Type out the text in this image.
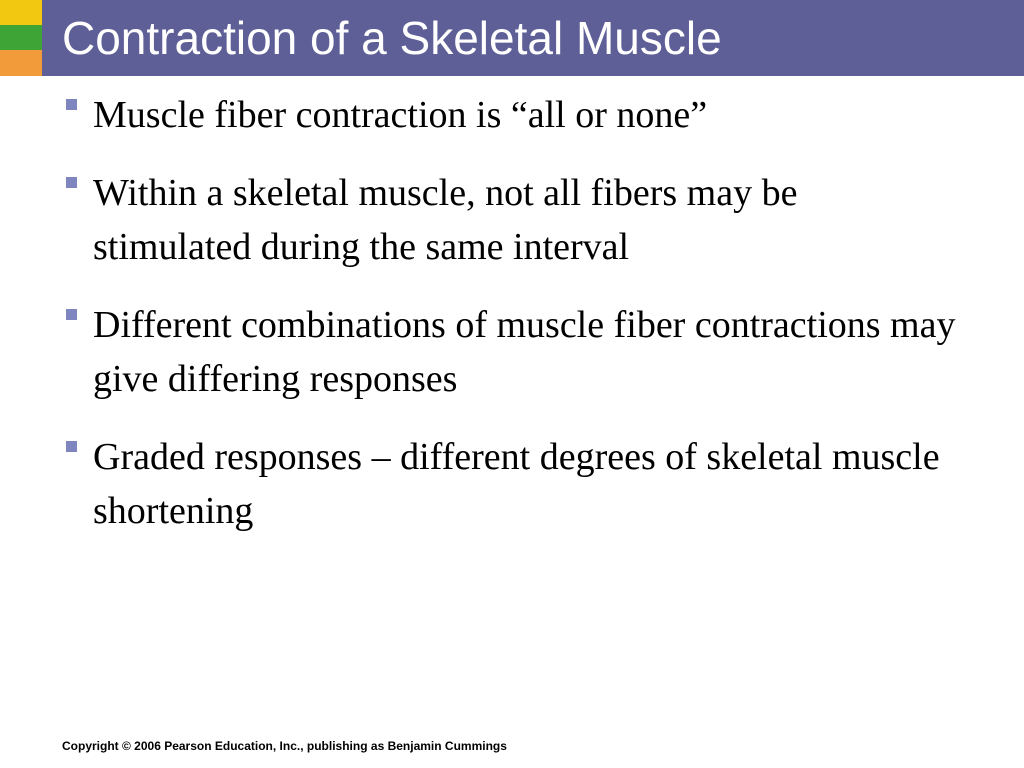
Contraction of a Skeletal Muscle
Muscle fiber contraction is “all or none”
Within a skeletal muscle, not all fibers may be stimulated during the same interval
Different combinations of muscle fiber contractions may give differing responses
Graded responses – different degrees of skeletal muscle shortening
Copyright © 2006 Pearson Education, Inc., publishing as Benjamin Cummings
